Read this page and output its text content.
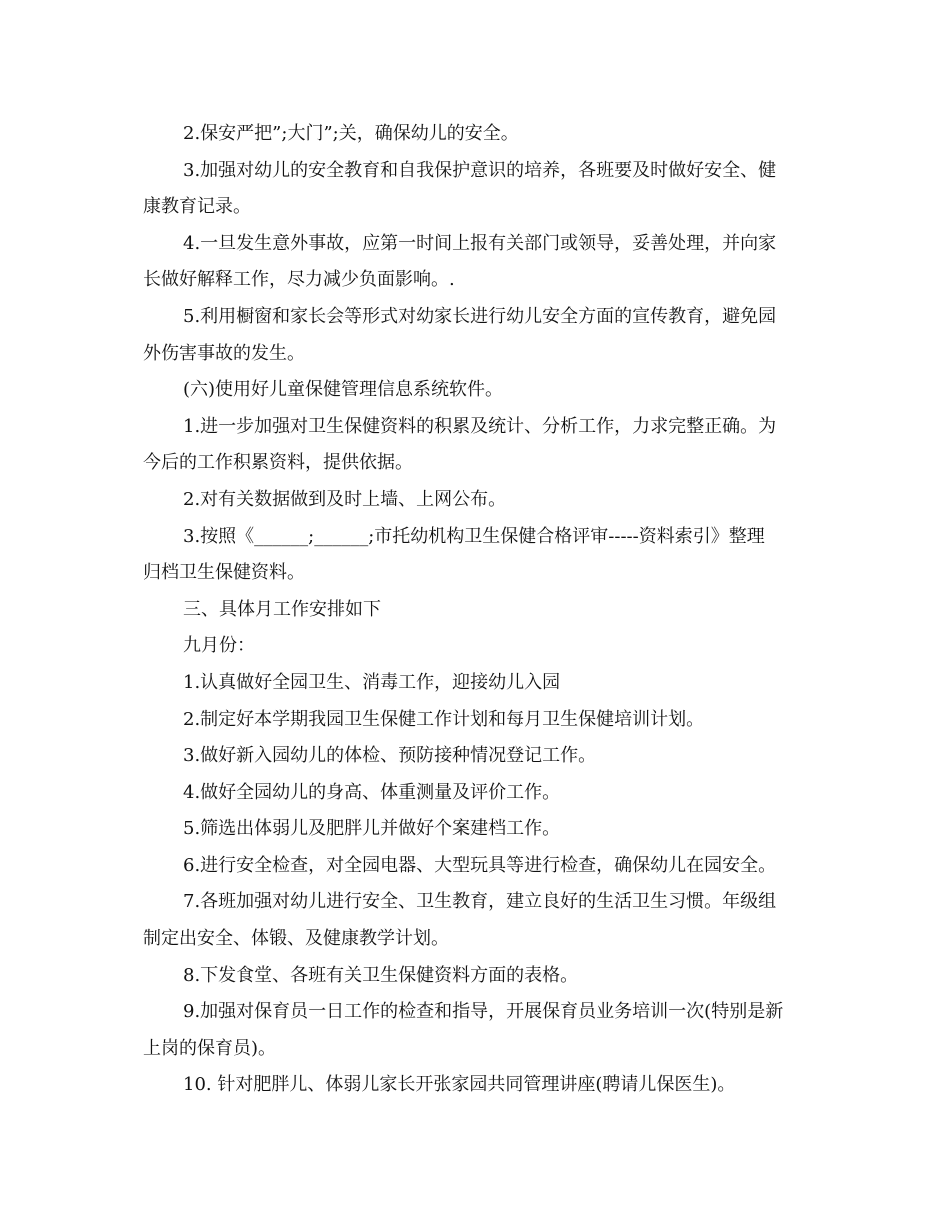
2.保安严把”;大门”;关，确保幼儿的安全。
3.加强对幼儿的安全教育和自我保护意识的培养，各班要及时做好安全、健
康教育记录。
4.一旦发生意外事故，应第一时间上报有关部门或领导，妥善处理，并向家
长做好解释工作，尽力减少负面影响。.
5.利用橱窗和家长会等形式对幼家长进行幼儿安全方面的宣传教育，避免园
外伤害事故的发生。
(六)使用好儿童保健管理信息系统软件。
1.进一步加强对卫生保健资料的积累及统计、分析工作，力求完整正确。为
今后的工作积累资料，提供依据。
2.对有关数据做到及时上墙、上网公布。
3.按照《______;______;市托幼机构卫生保健合格评审-----资料索引》整理
归档卫生保健资料。
三、具体月工作安排如下
九月份：
1.认真做好全园卫生、消毒工作，迎接幼儿入园
2.制定好本学期我园卫生保健工作计划和每月卫生保健培训计划。
3.做好新入园幼儿的体检、预防接种情况登记工作。
4.做好全园幼儿的身高、体重测量及评价工作。
5.筛选出体弱儿及肥胖儿并做好个案建档工作。
6.进行安全检查，对全园电器、大型玩具等进行检查，确保幼儿在园安全。
7.各班加强对幼儿进行安全、卫生教育，建立良好的生活卫生习惯。年级组
制定出安全、体锻、及健康教学计划。
8.下发食堂、各班有关卫生保健资料方面的表格。
9.加强对保育员一日工作的检查和指导，开展保育员业务培训一次(特别是新
上岗的保育员)。
10. 针对肥胖儿、体弱儿家长开张家园共同管理讲座(聘请儿保医生)。
